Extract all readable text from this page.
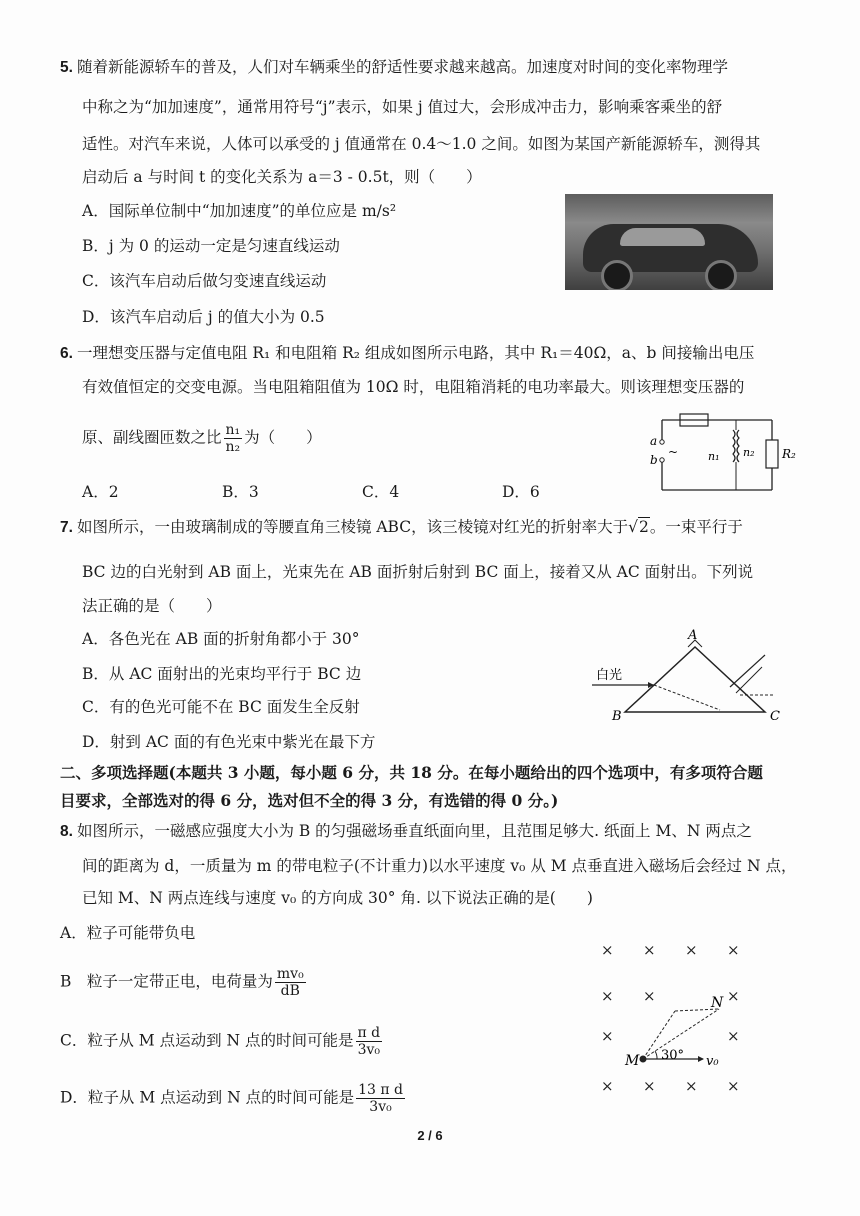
5. 随着新能源轿车的普及，人们对车辆乘坐的舒适性要求越来越高。加速度对时间的变化率物理学
中称之为“加加速度”，通常用符号“j”表示，如果 j 值过大，会形成冲击力，影响乘客乘坐的舒
适性。对汽车来说，人体可以承受的 j 值通常在 0.4～1.0 之间。如图为某国产新能源轿车，测得其
启动后 a 与时间 t 的变化关系为 a＝3 - 0.5t，则（　　）
A．国际单位制中“加加速度”的单位应是 m/s²
B．j 为 0 的运动一定是匀速直线运动
C．该汽车启动后做匀变速直线运动
D．该汽车启动后 j 的值大小为 0.5
6. 一理想变压器与定值电阻 R₁ 和电阻箱 R₂ 组成如图所示电路，其中 R₁＝40Ω，a、b 间接输出电压
有效值恒定的交变电源。当电阻箱阻值为 10Ω 时，电阻箱消耗的电功率最大。则该理想变压器的
原、副线圈匝数之比 $\frac{\text{n₁}}{\text{n₂}}$ 为（　　）
A．2	B．3	C．4	D．6
a
b
~	n₁ n₂ R₂
7. 如图所示，一由玻璃制成的等腰直角三棱镜 ABC，该三棱镜对红光的折射率大于√2。一束平行于
BC 边的白光射到 AB 面上，光束先在 AB 面折射后射到 BC 面上，接着又从 AC 面射出。下列说
法正确的是（　　）
A．各色光在 AB 面的折射角都小于 30°
B．从 AC 面射出的光束均平行于 BC 边
C．有的色光可能不在 BC 面发生全反射
D．射到 AC 面的有色光束中紫光在最下方
A
B	C
白光
二、多项选择题(本题共 3 小题，每小题 6 分，共 18 分。在每小题给出的四个选项中，有多项符合题
目要求，全部选对的得 6 分，选对但不全的得 3 分，有选错的得 0 分。)
8. 如图所示，一磁感应强度大小为 B 的匀强磁场垂直纸面向里，且范围足够大. 纸面上 M、N 两点之
间的距离为 d，一质量为 m 的带电粒子(不计重力)以水平速度 v₀ 从 M 点垂直进入磁场后会经过 N 点，
已知 M、N 两点连线与速度 v₀ 的方向成 30° 角. 以下说法正确的是(　　)
A．粒子可能带负电
B　粒子一定带正电，电荷量为 $\frac{\text{mv₀}}{dB}$
C．粒子从 M 点运动到 N 点的时间可能是 $\frac{\text{π d}}{\text{3v₀}}$
D．粒子从 M 点运动到 N 点的时间可能是 $\frac{\text{13 π d}}{\text{3v₀}}$
× × × ×
× ×	×
×	×
× × × ×
M
N
30° v₀
2 / 6
